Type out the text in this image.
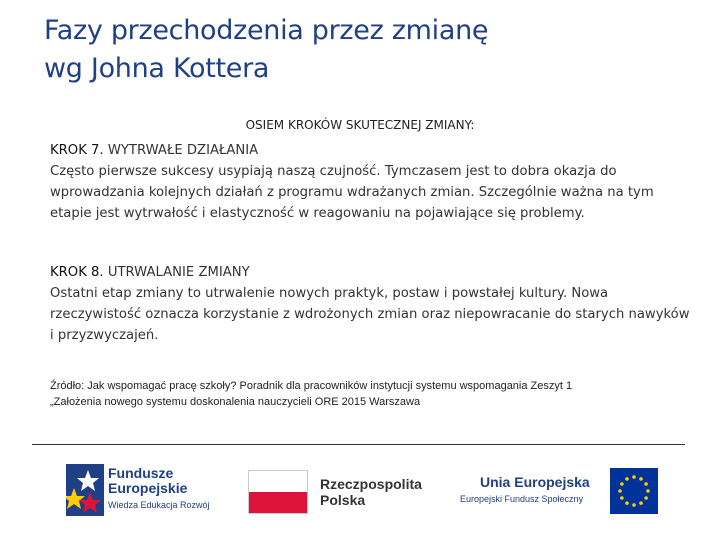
Fazy przechodzenia przez zmianę
wg Johna Kottera

OSIEM KROKÓW SKUTECZNEJ ZMIANY:

KROK 7. WYTRWAŁE DZIAŁANIA
Często pierwsze sukcesy usypiają naszą czujność. Tymczasem jest to dobra okazja do wprowadzania kolejnych działań z programu wdrażanych zmian. Szczególnie ważna na tym etapie jest wytrwałość i elastyczność w reagowaniu na pojawiające się problemy.
KROK 8. UTRWALANIE ZMIANY
Ostatni etap zmiany to utrwalenie nowych praktyk, postaw i powstałej kultury. Nowa rzeczywistość oznacza korzystanie z wdrożonych zmian oraz niepowracanie do starych nawyków i przyzwyczajeń.

Źródło: Jak wspomagać pracę szkoły? Poradnik dla pracowników instytucji systemu wspomagania Zeszyt 1
„Założenia nowego systemu doskonalenia nauczycieli ORE 2015 Warszawa

Fundusze
Europejskie
Wiedza Edukacja Rozwój
Rzeczpospolita
Polska
Unia Europejska
Europejski Fundusz Społeczny
